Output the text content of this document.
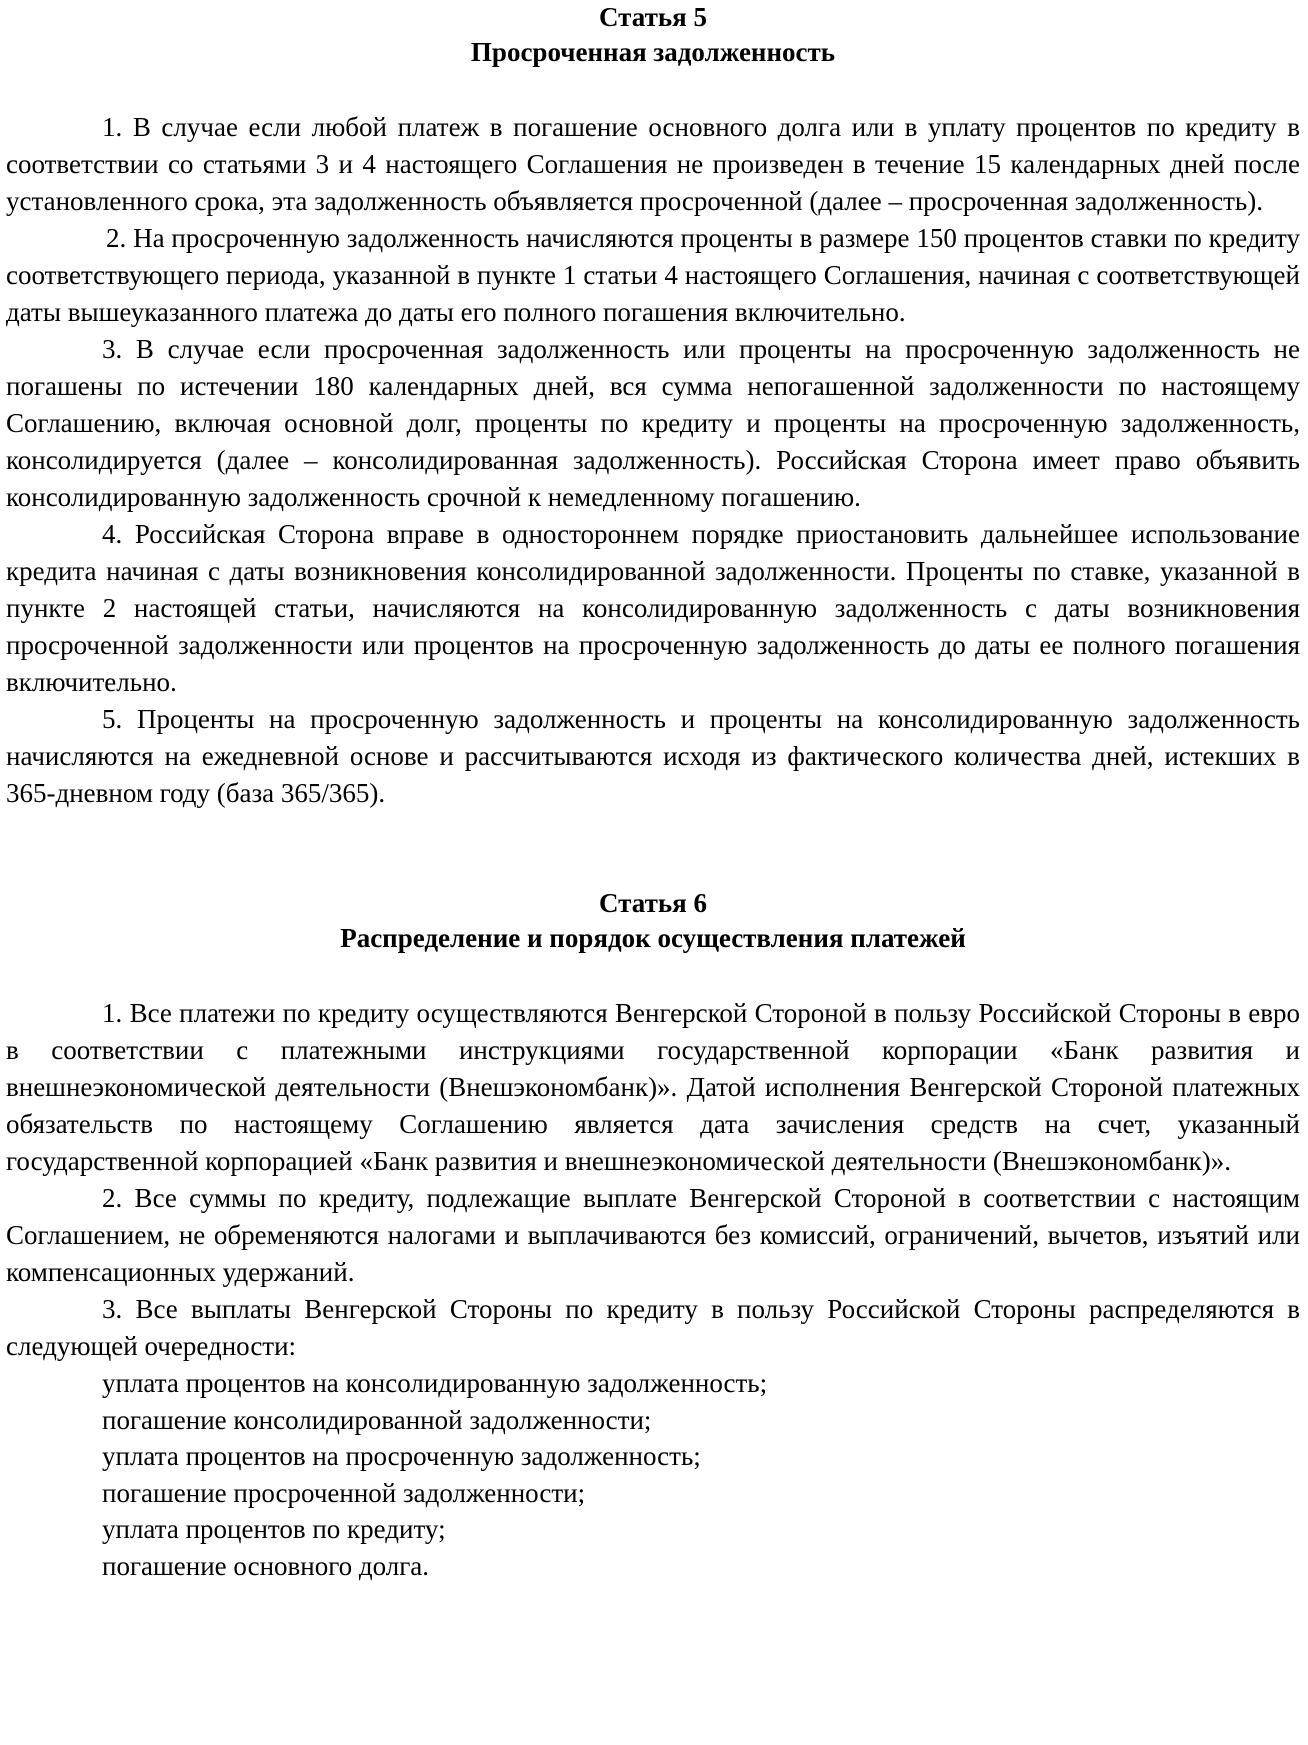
Статья 5
Просроченная задолженность

1. В случае если любой платеж в погашение основного долга или в уплату процентов по кредиту в соответствии со статьями 3 и 4 настоящего Соглашения не произведен в течение 15 календарных дней после установленного срока, эта задолженность объявляется просроченной (далее – просроченная задолженность).

2. На просроченную задолженность начисляются проценты в размере 150 процентов ставки по кредиту соответствующего периода, указанной в пункте 1 статьи 4 настоящего Соглашения, начиная с соответствующей даты вышеуказанного платежа до даты его полного погашения включительно.

3. В случае если просроченная задолженность или проценты на просроченную задолженность не погашены по истечении 180 календарных дней, вся сумма непогашенной задолженности по настоящему Соглашению, включая основной долг, проценты по кредиту и проценты на просроченную задолженность, консолидируется (далее – консолидированная задолженность). Российская Сторона имеет право объявить консолидированную задолженность срочной к немедленному погашению.

4. Российская Сторона вправе в одностороннем порядке приостановить дальнейшее использование кредита начиная с даты возникновения консолидированной задолженности. Проценты по ставке, указанной в пункте 2 настоящей статьи, начисляются на консолидированную задолженность с даты возникновения просроченной задолженности или процентов на просроченную задолженность до даты ее полного погашения включительно.

5. Проценты на просроченную задолженность и проценты на консолидированную задолженность начисляются на ежедневной основе и рассчитываются исходя из фактического количества дней, истекших в 365-дневном году (база 365/365).

Статья 6
Распределение и порядок осуществления платежей

1. Все платежи по кредиту осуществляются Венгерской Стороной в пользу Российской Стороны в евро в соответствии с платежными инструкциями государственной корпорации «Банк развития и внешнеэкономической деятельности (Внешэкономбанк)». Датой исполнения Венгерской Стороной платежных обязательств по настоящему Соглашению является дата зачисления средств на счет, указанный государственной корпорацией «Банк развития и внешнеэкономической деятельности (Внешэкономбанк)».

2. Все суммы по кредиту, подлежащие выплате Венгерской Стороной в соответствии с настоящим Соглашением, не обременяются налогами и выплачиваются без комиссий, ограничений, вычетов, изъятий или компенсационных удержаний.

3. Все выплаты Венгерской Стороны по кредиту в пользу Российской Стороны распределяются в следующей очередности:

уплата процентов на консолидированную задолженность;
погашение консолидированной задолженности;
уплата процентов на просроченную задолженность;
погашение просроченной задолженности;
уплата процентов по кредиту;
погашение основного долга.
